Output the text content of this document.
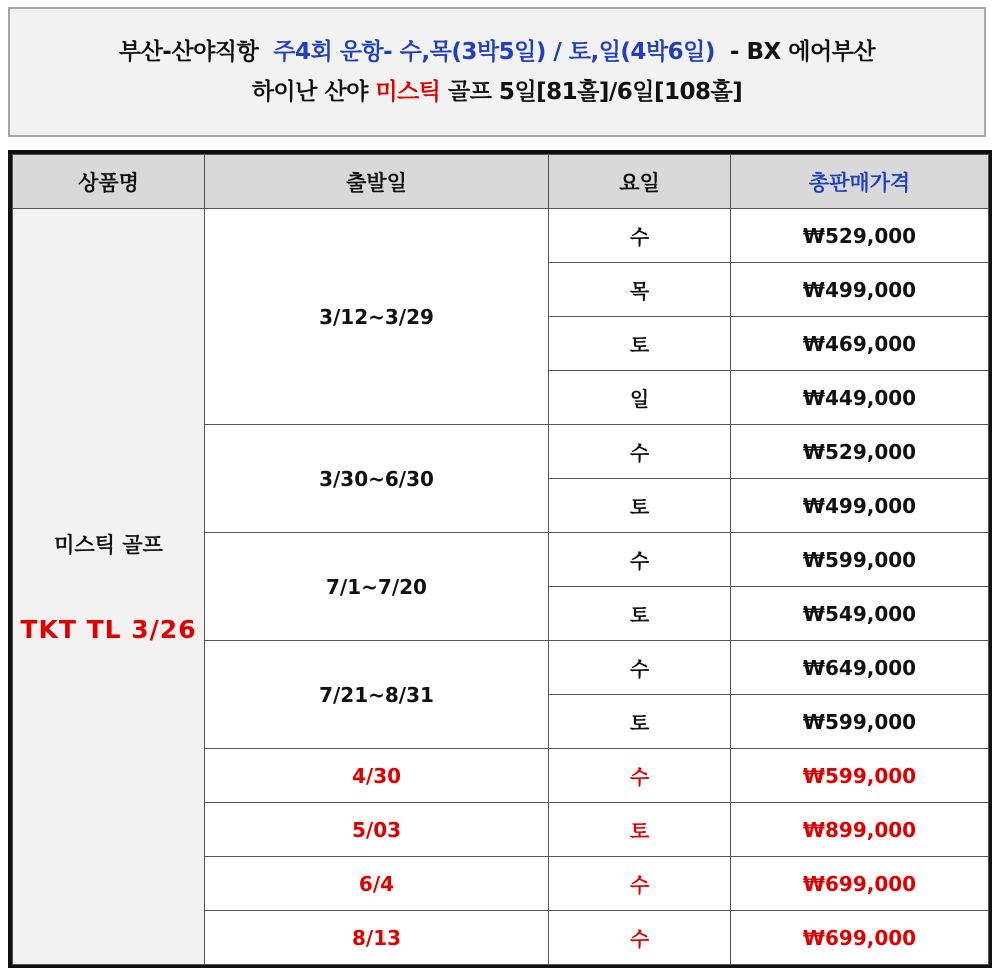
부산-산야직항  주4회 운항- 수,목(3박5일) / 토,일(4박6일)  - BX 에어부산
하이난 산야 미스틱 골프 5일[81홀]/6일[108홀]
상품명	출발일	요일	총판매가격

미스틱 골프
TKT TL 3/26	3/12~3/29	수	₩529,000
		목	₩499,000
		토	₩469,000
		일	₩449,000
	3/30~6/30	수	₩529,000
		토	₩499,000
	7/1~7/20	수	₩599,000
		토	₩549,000
	7/21~8/31	수	₩649,000
		토	₩599,000
	4/30	수	₩599,000
	5/03	토	₩899,000
	6/4	수	₩699,000
	8/13	수	₩699,000
